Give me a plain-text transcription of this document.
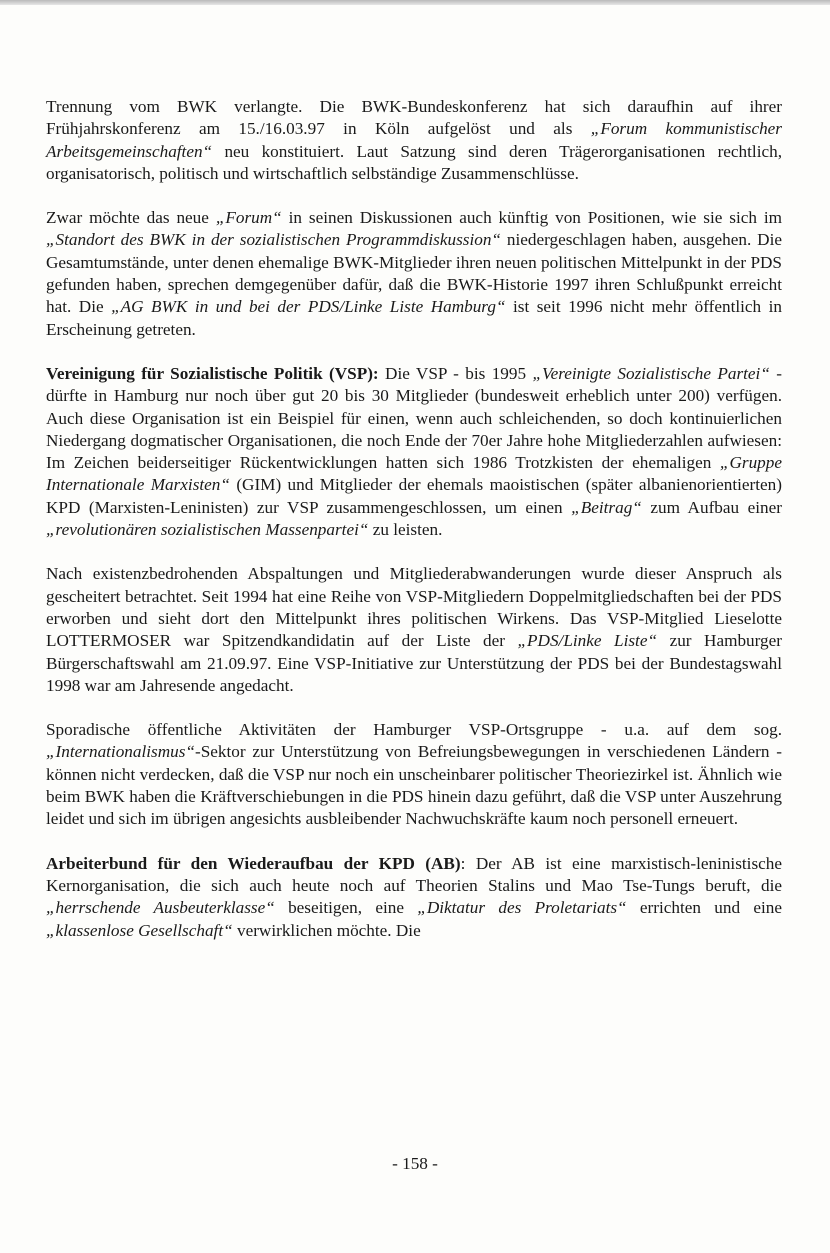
Trennung vom BWK verlangte. Die BWK-Bundeskonferenz hat sich daraufhin auf ihrer Frühjahrskonferenz am 15./16.03.97 in Köln aufgelöst und als „Forum kommunistischer Arbeitsgemeinschaften“ neu konstituiert. Laut Satzung sind deren Trägerorganisationen rechtlich, organisatorisch, politisch und wirtschaftlich selbständige Zusammenschlüsse.

Zwar möchte das neue „Forum“ in seinen Diskussionen auch künftig von Positionen, wie sie sich im „Standort des BWK in der sozialistischen Programmdiskussion“ niedergeschlagen haben, ausgehen. Die Gesamtumstände, unter denen ehemalige BWK-Mitglieder ihren neuen politischen Mittelpunkt in der PDS gefunden haben, sprechen demgegenüber dafür, daß die BWK-Historie 1997 ihren Schlußpunkt erreicht hat. Die „AG BWK in und bei der PDS/Linke Liste Hamburg“ ist seit 1996 nicht mehr öffentlich in Erscheinung getreten.

Vereinigung für Sozialistische Politik (VSP): Die VSP - bis 1995 „Vereinigte Sozialistische Partei“ - dürfte in Hamburg nur noch über gut 20 bis 30 Mitglieder (bundesweit erheblich unter 200) verfügen. Auch diese Organisation ist ein Beispiel für einen, wenn auch schleichenden, so doch kontinuierlichen Niedergang dogmatischer Organisationen, die noch Ende der 70er Jahre hohe Mitgliederzahlen aufwiesen: Im Zeichen beiderseitiger Rückentwicklungen hatten sich 1986 Trotzkisten der ehemaligen „Gruppe Internationale Marxisten“ (GIM) und Mitglieder der ehemals maoistischen (später albanienorientierten) KPD (Marxisten-Leninisten) zur VSP zusammengeschlossen, um einen „Beitrag“ zum Aufbau einer „revolutionären sozialistischen Massenpartei“ zu leisten.

Nach existenzbedrohenden Abspaltungen und Mitgliederabwanderungen wurde dieser Anspruch als gescheitert betrachtet. Seit 1994 hat eine Reihe von VSP-Mitgliedern Doppelmitgliedschaften bei der PDS erworben und sieht dort den Mittelpunkt ihres politischen Wirkens. Das VSP-Mitglied Lieselotte LOTTERMOSER war Spitzendkandidatin auf der Liste der „PDS/Linke Liste“ zur Hamburger Bürgerschaftswahl am 21.09.97. Eine VSP-Initiative zur Unterstützung der PDS bei der Bundestagswahl 1998 war am Jahresende angedacht.

Sporadische öffentliche Aktivitäten der Hamburger VSP-Ortsgruppe - u.a. auf dem sog. „Internationalismus“-Sektor zur Unterstützung von Befreiungsbewegungen in verschiedenen Ländern - können nicht verdecken, daß die VSP nur noch ein unscheinbarer politischer Theoriezirkel ist. Ähnlich wie beim BWK haben die Kräftverschiebungen in die PDS hinein dazu geführt, daß die VSP unter Auszehrung leidet und sich im übrigen angesichts ausbleibender Nachwuchskräfte kaum noch personell erneuert.

Arbeiterbund für den Wiederaufbau der KPD (AB): Der AB ist eine marxistisch-leninistische Kernorganisation, die sich auch heute noch auf Theorien Stalins und Mao Tse-Tungs beruft, die „herrschende Ausbeuterklasse“ beseitigen, eine „Diktatur des Proletariats“ errichten und eine „klassenlose Gesellschaft“ verwirklichen möchte. Die

- 158 -
